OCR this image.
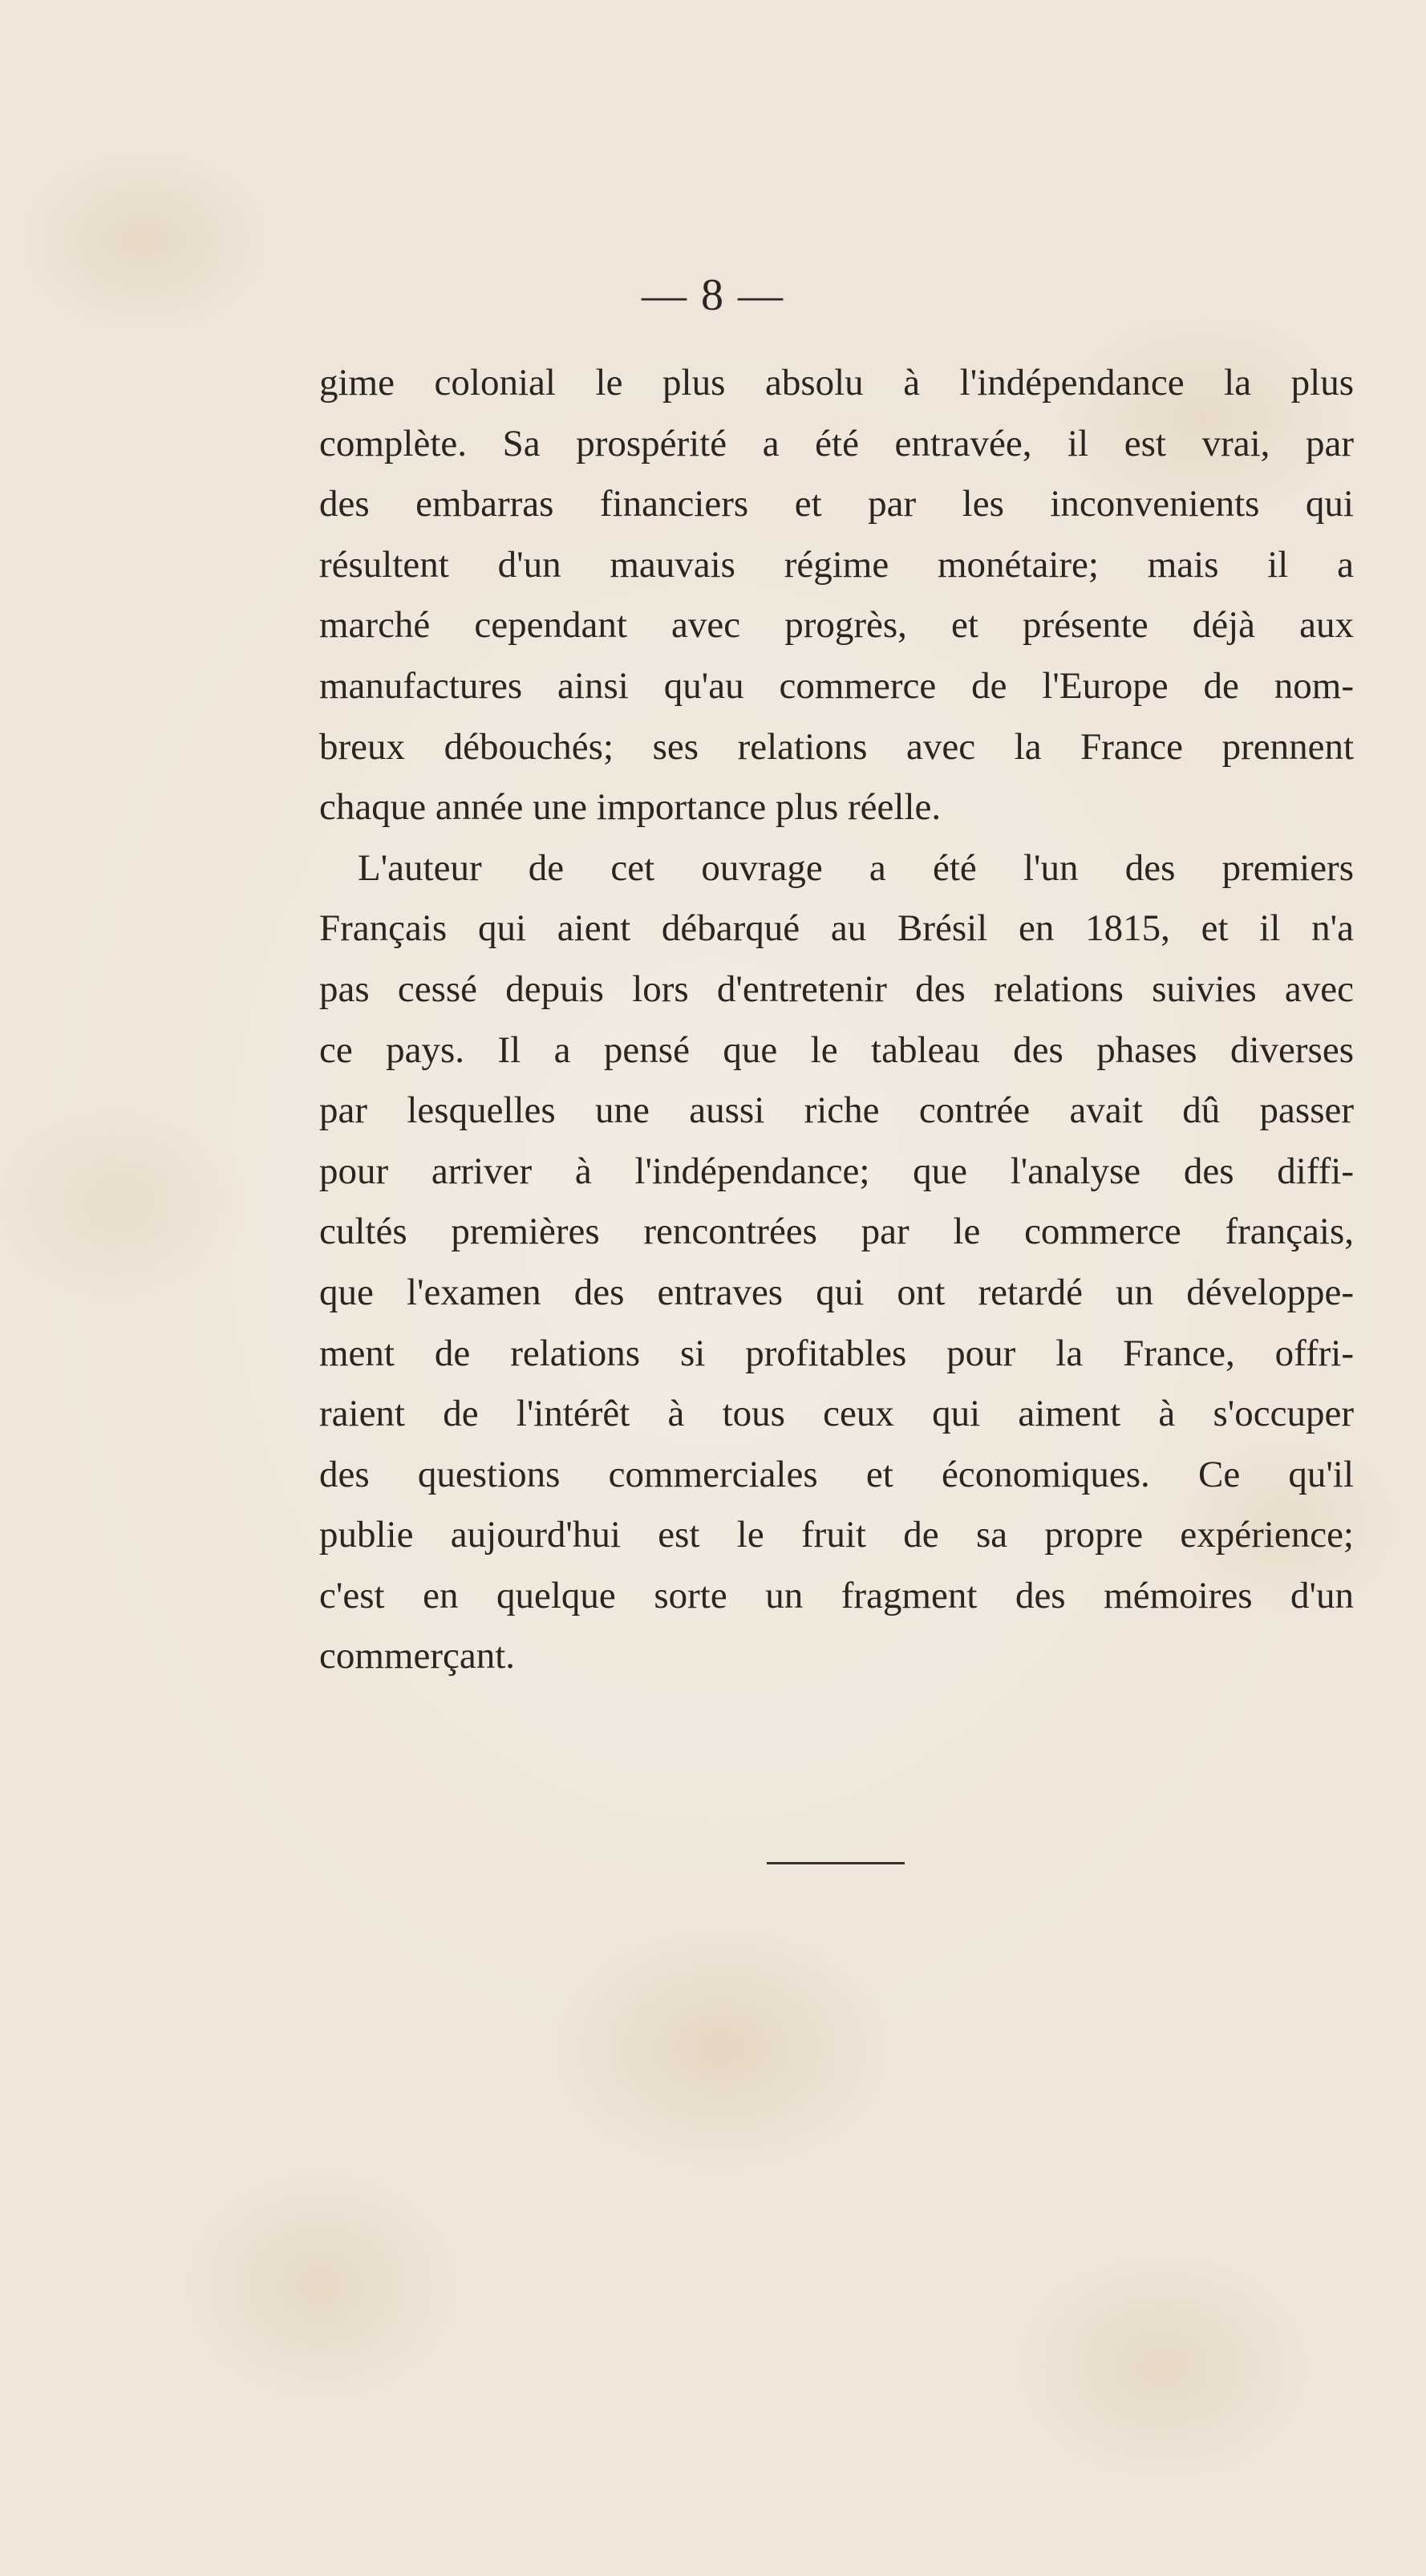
— 8 —

gime colonial le plus absolu à l'indépendance la plus
complète. Sa prospérité a été entravée, il est vrai, par
des embarras financiers et par les inconvenients qui
résultent d'un mauvais régime monétaire; mais il a
marché cependant avec progrès, et présente déjà aux
manufactures ainsi qu'au commerce de l'Europe de nom-
breux débouchés; ses relations avec la France prennent
chaque année une importance plus réelle.

L'auteur de cet ouvrage a été l'un des premiers
Français qui aient débarqué au Brésil en 1815, et il n'a
pas cessé depuis lors d'entretenir des relations suivies avec
ce pays. Il a pensé que le tableau des phases diverses
par lesquelles une aussi riche contrée avait dû passer
pour arriver à l'indépendance; que l'analyse des diffi-
cultés premières rencontrées par le commerce français,
que l'examen des entraves qui ont retardé un développe-
ment de relations si profitables pour la France, offri-
raient de l'intérêt à tous ceux qui aiment à s'occuper
des questions commerciales et économiques. Ce qu'il
publie aujourd'hui est le fruit de sa propre expérience;
c'est en quelque sorte un fragment des mémoires d'un
commerçant.
